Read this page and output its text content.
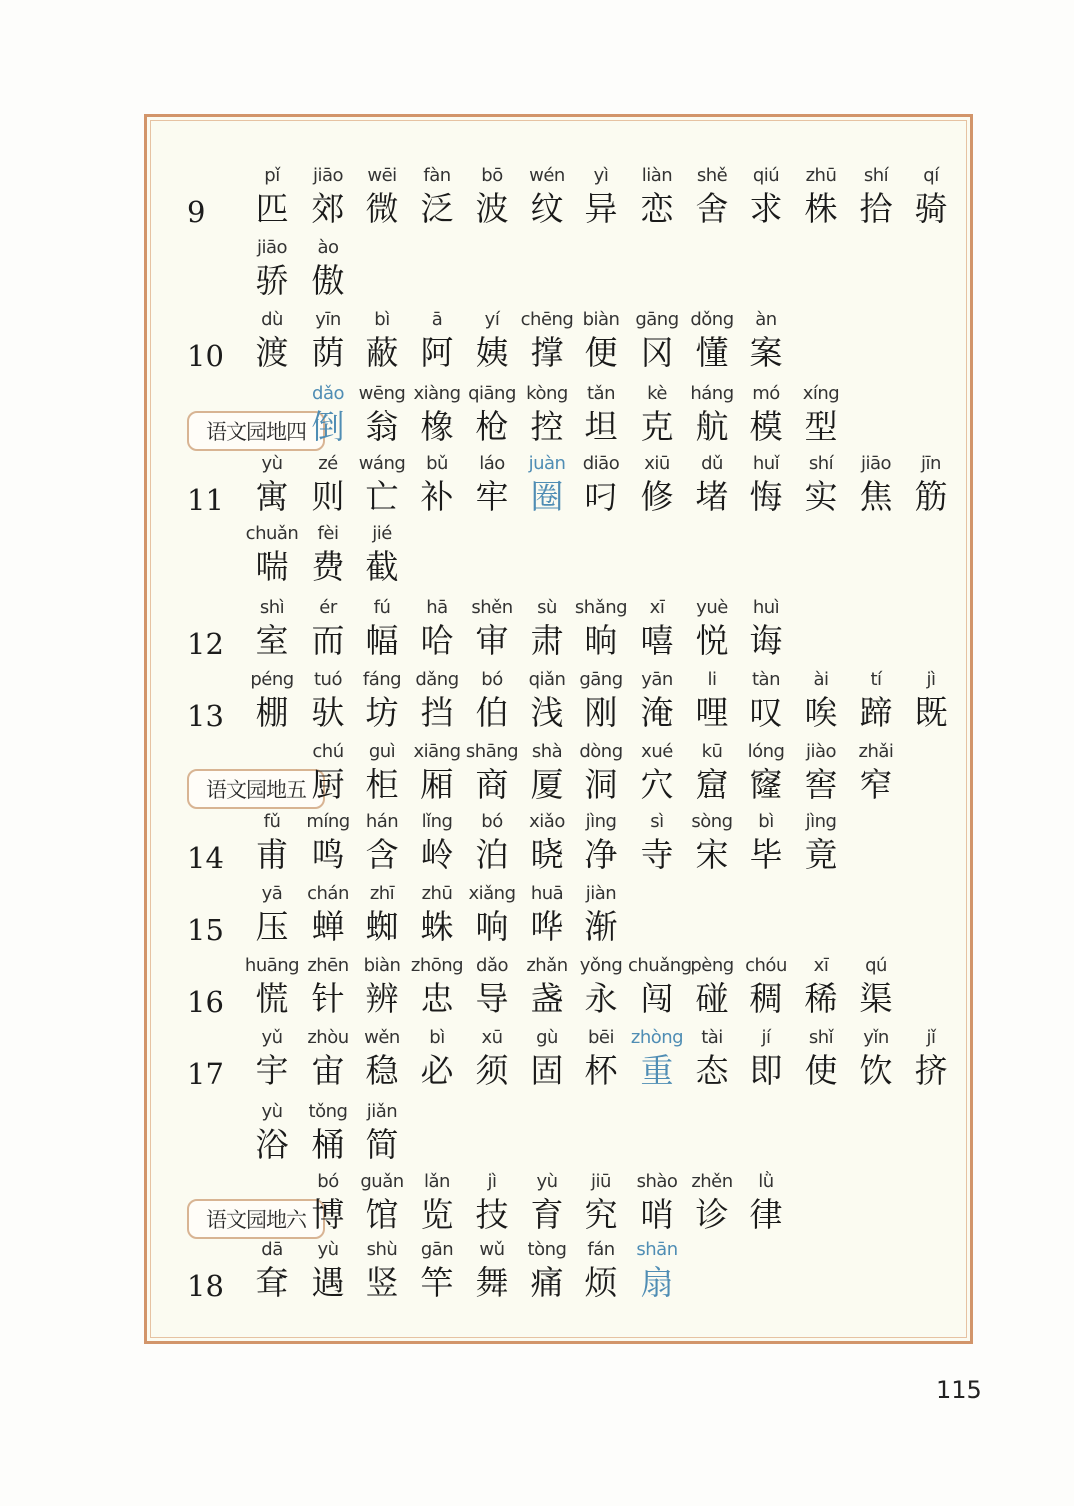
9
pǐ
匹
jiāo
郊
wēi
微
fàn
泛
bō
波
wén
纹
yì
异
liàn
恋
shě
舍
qiú
求
zhū
株
shí
拾
qí
骑
jiāo
骄
ào
傲
10
dù
渡
yīn
荫
bì
蔽
ā
阿
yí
姨
chēng
撑
biàn
便
gāng
冈
dǒng
懂
àn
案
语文园地四
dǎo
倒
wēng
翁
xiàng
橡
qiāng
枪
kòng
控
tǎn
坦
kè
克
háng
航
mó
模
xíng
型
11
yù
寓
zé
则
wáng
亡
bǔ
补
láo
牢
juàn
圈
diāo
叼
xiū
修
dǔ
堵
huǐ
悔
shí
实
jiāo
焦
jīn
筋
chuǎn
喘
fèi
费
jié
截
12
shì
室
ér
而
fú
幅
hā
哈
shěn
审
sù
肃
shǎng
晌
xī
嘻
yuè
悦
huì
诲
13
péng
棚
tuó
驮
fáng
坊
dǎng
挡
bó
伯
qiǎn
浅
gāng
刚
yān
淹
li
哩
tàn
叹
ài
唉
tí
蹄
jì
既
语文园地五
chú
厨
guì
柜
xiāng
厢
shāng
商
shà
厦
dòng
洞
xué
穴
kū
窟
lóng
窿
jiào
窖
zhǎi
窄
14
fǔ
甫
míng
鸣
hán
含
lǐng
岭
bó
泊
xiǎo
晓
jìng
净
sì
寺
sòng
宋
bì
毕
jìng
竟
15
yā
压
chán
蝉
zhī
蜘
zhū
蛛
xiǎng
响
huā
哗
jiàn
渐
16
huāng
慌
zhēn
针
biàn
辨
zhōng
忠
dǎo
导
zhǎn
盏
yǒng
永
chuǎng
闯
pèng
碰
chóu
稠
xī
稀
qú
渠
17
yǔ
宇
zhòu
宙
wěn
稳
bì
必
xū
须
gù
固
bēi
杯
zhòng
重
tài
态
jí
即
shǐ
使
yǐn
饮
jǐ
挤
yù
浴
tǒng
桶
jiǎn
简
语文园地六
bó
博
guǎn
馆
lǎn
览
jì
技
yù
育
jiū
究
shào
哨
zhěn
诊
lǜ
律
18
dā
耷
yù
遇
shù
竖
gān
竿
wǔ
舞
tòng
痛
fán
烦
shān
扇
115
